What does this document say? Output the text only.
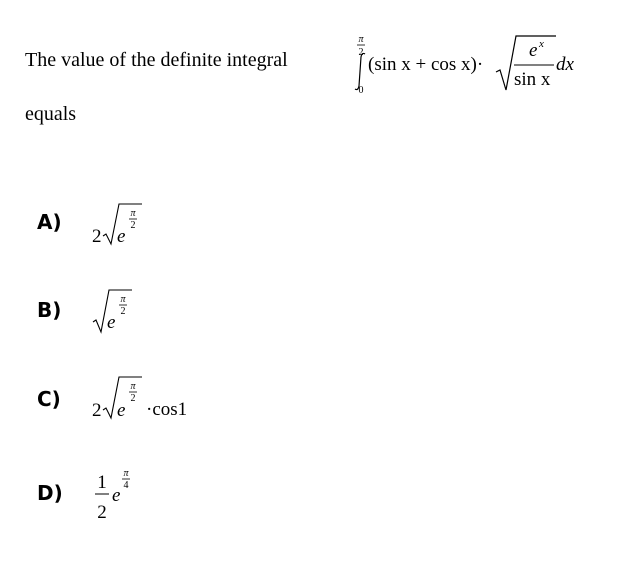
The value of the definite integral
equals
π
2
0
(sin x + cos x)·
e x
sin x
dx
A)
2 e
π
2
B)
e
π
2
C) 2 e
π
2
·cos1
D) 1
2
e
π
4
